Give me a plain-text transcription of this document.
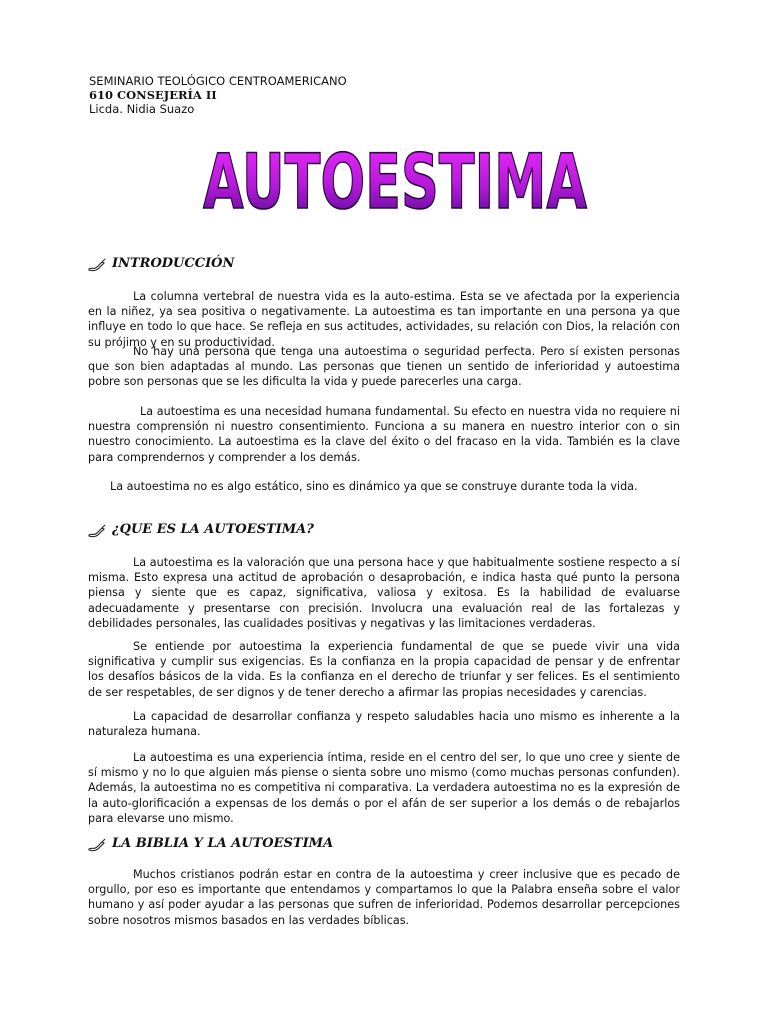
SEMINARIO TEOLÓGICO CENTROAMERICANO
610 CONSEJERÍA II
Licda. Nidia Suazo
AUTOESTIMA
INTRODUCCIÓN

La columna vertebral de nuestra vida es la auto-estima. Esta se ve afectada por la experiencia en la niñez, ya sea positiva o negativamente. La autoestima es tan importante en una persona ya que influye en todo lo que hace. Se refleja en sus actitudes, actividades, su relación con Dios, la relación con su prójimo y en su productividad.

No hay una persona que tenga una autoestima o seguridad perfecta. Pero sí existen personas que son bien adaptadas al mundo. Las personas que tienen un sentido de inferioridad y autoestima pobre son personas que se les dificulta la vida y puede parecerles una carga.

La autoestima es una necesidad humana fundamental. Su efecto en nuestra vida no requiere ni nuestra comprensión ni nuestro consentimiento. Funciona a su manera en nuestro interior con o sin nuestro conocimiento. La autoestima es la clave del éxito o del fracaso en la vida. También es la clave para comprendernos y comprender a los demás.

La autoestima no es algo estático, sino es dinámico ya que se construye durante toda la vida.

¿QUE ES LA AUTOESTIMA?

La autoestima es la valoración que una persona hace y que habitualmente sostiene respecto a sí misma. Esto expresa una actitud de aprobación o desaprobación, e indica hasta qué punto la persona piensa y siente que es capaz, significativa, valiosa y exitosa. Es la habilidad de evaluarse adecuadamente y presentarse con precisión. Involucra una evaluación real de las fortalezas y debilidades personales, las cualidades positivas y negativas y las limitaciones verdaderas.

Se entiende por autoestima la experiencia fundamental de que se puede vivir una vida significativa y cumplir sus exigencias. Es la confianza en la propia capacidad de pensar y de enfrentar los desafíos básicos de la vida. Es la confianza en el derecho de triunfar y ser felices. Es el sentimiento de ser respetables, de ser dignos y de tener derecho a afirmar las propias necesidades y carencias.

La capacidad de desarrollar confianza y respeto saludables hacia uno mismo es inherente a la naturaleza humana.

La autoestima es una experiencia íntima, reside en el centro del ser, lo que uno cree y siente de sí mismo y no lo que alguien más piense o sienta sobre uno mismo (como muchas personas confunden). Además, la autoestima no es competitiva ni comparativa. La verdadera autoestima no es la expresión de la auto-glorificación a expensas de los demás o por el afán de ser superior a los demás o de rebajarlos para elevarse uno mismo.

LA BIBLIA Y LA AUTOESTIMA

Muchos cristianos podrán estar en contra de la autoestima y creer inclusive que es pecado de orgullo, por eso es importante que entendamos y compartamos lo que la Palabra enseña sobre el valor humano y así poder ayudar a las personas que sufren de inferioridad. Podemos desarrollar percepciones sobre nosotros mismos basados en las verdades bíblicas.
